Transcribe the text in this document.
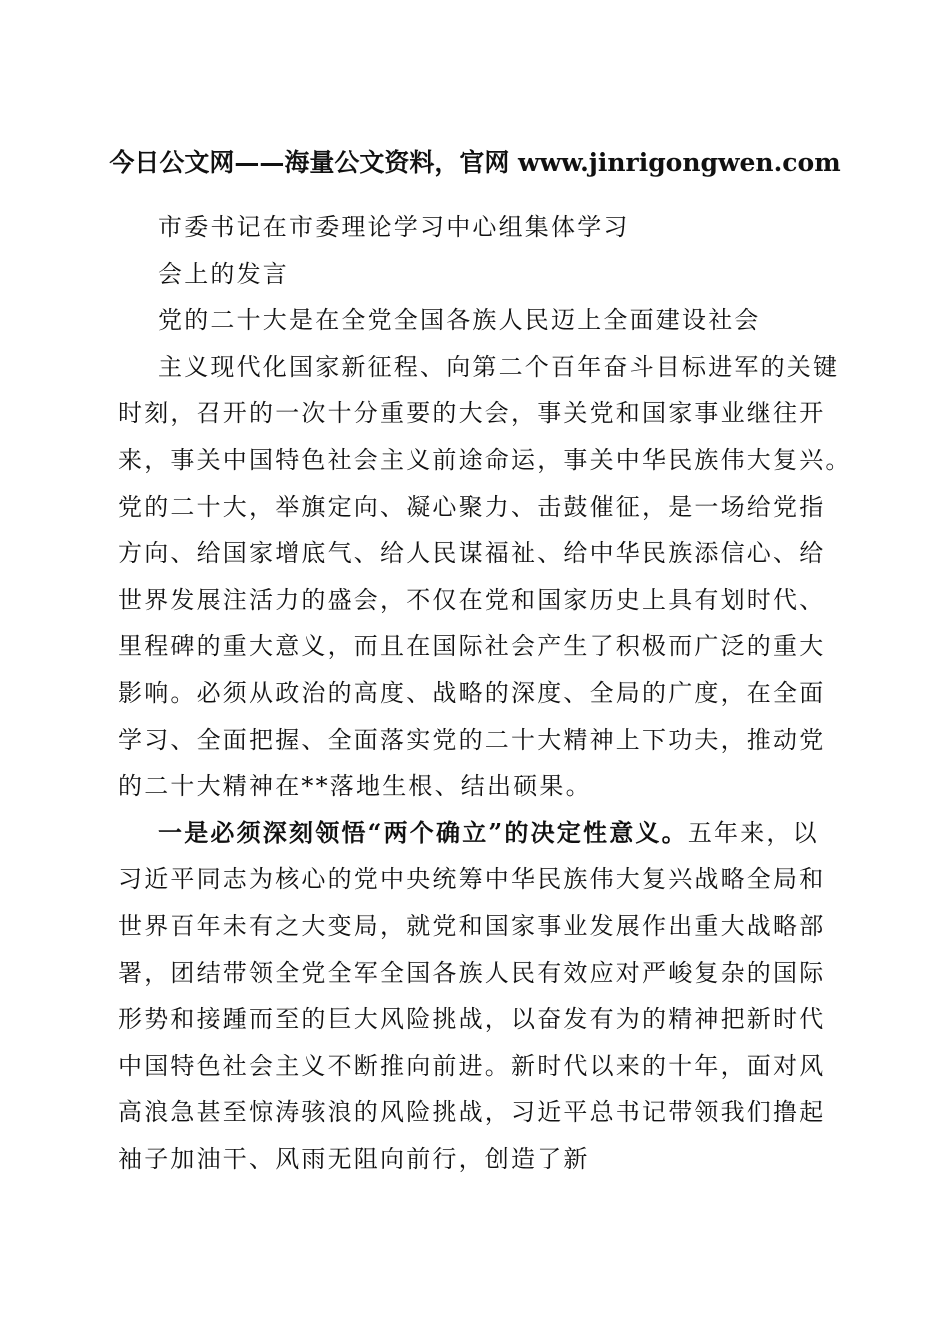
今日公文网——海量公文资料，官网 www.jinrigongwen.com
市委书记在市委理论学习中心组集体学习
会上的发言
党的二十大是在全党全国各族人民迈上全面建设社会
主义现代化国家新征程、向第二个百年奋斗目标进军的关键
时刻，召开的一次十分重要的大会，事关党和国家事业继往开
来，事关中国特色社会主义前途命运，事关中华民族伟大复兴。
党的二十大，举旗定向、凝心聚力、击鼓催征，是一场给党指
方向、给国家增底气、给人民谋福祉、给中华民族添信心、给
世界发展注活力的盛会，不仅在党和国家历史上具有划时代、
里程碑的重大意义，而且在国际社会产生了积极而广泛的重大
影响。必须从政治的高度、战略的深度、全局的广度，在全面
学习、全面把握、全面落实党的二十大精神上下功夫，推动党
的二十大精神在**落地生根、结出硕果。
一是必须深刻领悟“两个确立”的决定性意义。五年来，以
习近平同志为核心的党中央统筹中华民族伟大复兴战略全局和
世界百年未有之大变局，就党和国家事业发展作出重大战略部
署，团结带领全党全军全国各族人民有效应对严峻复杂的国际
形势和接踵而至的巨大风险挑战，以奋发有为的精神把新时代
中国特色社会主义不断推向前进。新时代以来的十年，面对风
高浪急甚至惊涛骇浪的风险挑战，习近平总书记带领我们撸起
袖子加油干、风雨无阻向前行，创造了新
